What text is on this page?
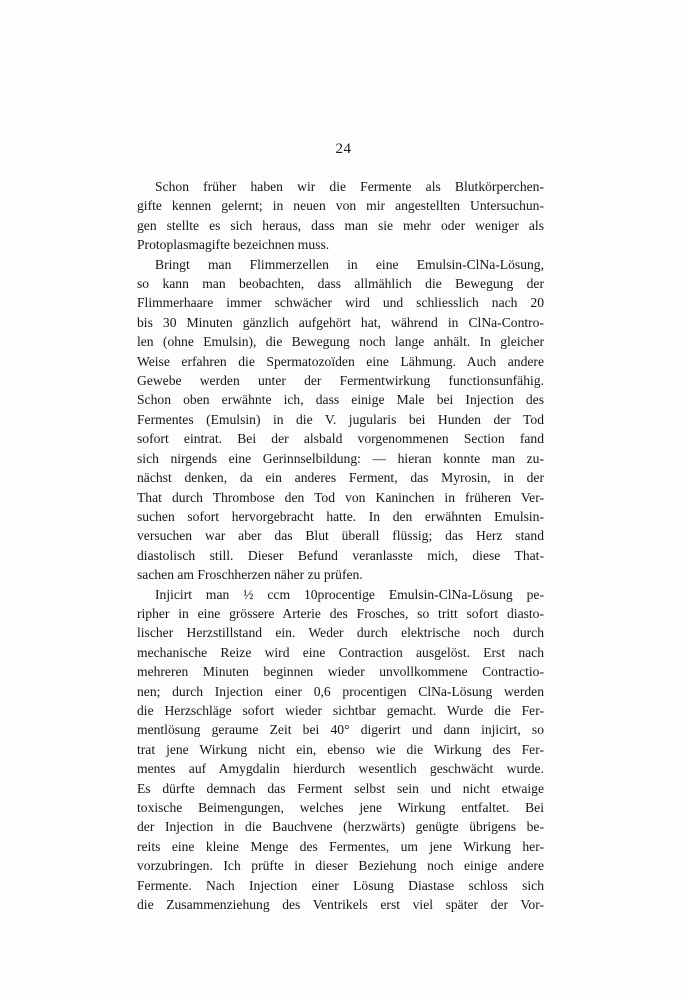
24
Schon früher haben wir die Fermente als Blutkörperchen-
gifte kennen gelernt; in neuen von mir angestellten Untersuchun-
gen stellte es sich heraus, dass man sie mehr oder weniger als
Protoplasmagifte bezeichnen muss.
Bringt man Flimmerzellen in eine Emulsin-ClNa-Lösung,
so kann man beobachten, dass allmählich die Bewegung der
Flimmerhaare immer schwächer wird und schliesslich nach 20
bis 30 Minuten gänzlich aufgehört hat, während in ClNa-Contro-
len (ohne Emulsin), die Bewegung noch lange anhält. In gleicher
Weise erfahren die Spermatozoïden eine Lähmung. Auch andere
Gewebe werden unter der Fermentwirkung functionsunfähig.
Schon oben erwähnte ich, dass einige Male bei Injection des
Fermentes (Emulsin) in die V. jugularis bei Hunden der Tod
sofort eintrat. Bei der alsbald vorgenommenen Section fand
sich nirgends eine Gerinnselbildung: — hieran konnte man zu-
nächst denken, da ein anderes Ferment, das Myrosin, in der
That durch Thrombose den Tod von Kaninchen in früheren Ver-
suchen sofort hervorgebracht hatte. In den erwähnten Emulsin-
versuchen war aber das Blut überall flüssig; das Herz stand
diastolisch still. Dieser Befund veranlasste mich, diese That-
sachen am Froschherzen näher zu prüfen.
Injicirt man ½ ccm 10procentige Emulsin-ClNa-Lösung pe-
ripher in eine grössere Arterie des Frosches, so tritt sofort diasto-
lischer Herzstillstand ein. Weder durch elektrische noch durch
mechanische Reize wird eine Contraction ausgelöst. Erst nach
mehreren Minuten beginnen wieder unvollkommene Contractio-
nen; durch Injection einer 0,6 procentigen ClNa-Lösung werden
die Herzschläge sofort wieder sichtbar gemacht. Wurde die Fer-
mentlösung geraume Zeit bei 40° digerirt und dann injicirt, so
trat jene Wirkung nicht ein, ebenso wie die Wirkung des Fer-
mentes auf Amygdalin hierdurch wesentlich geschwächt wurde.
Es dürfte demnach das Ferment selbst sein und nicht etwaige
toxische Beimengungen, welches jene Wirkung entfaltet. Bei
der Injection in die Bauchvene (herzwärts) genügte übrigens be-
reits eine kleine Menge des Fermentes, um jene Wirkung her-
vorzubringen. Ich prüfte in dieser Beziehung noch einige andere
Fermente. Nach Injection einer Lösung Diastase schloss sich
die Zusammenziehung des Ventrikels erst viel später der Vor-
